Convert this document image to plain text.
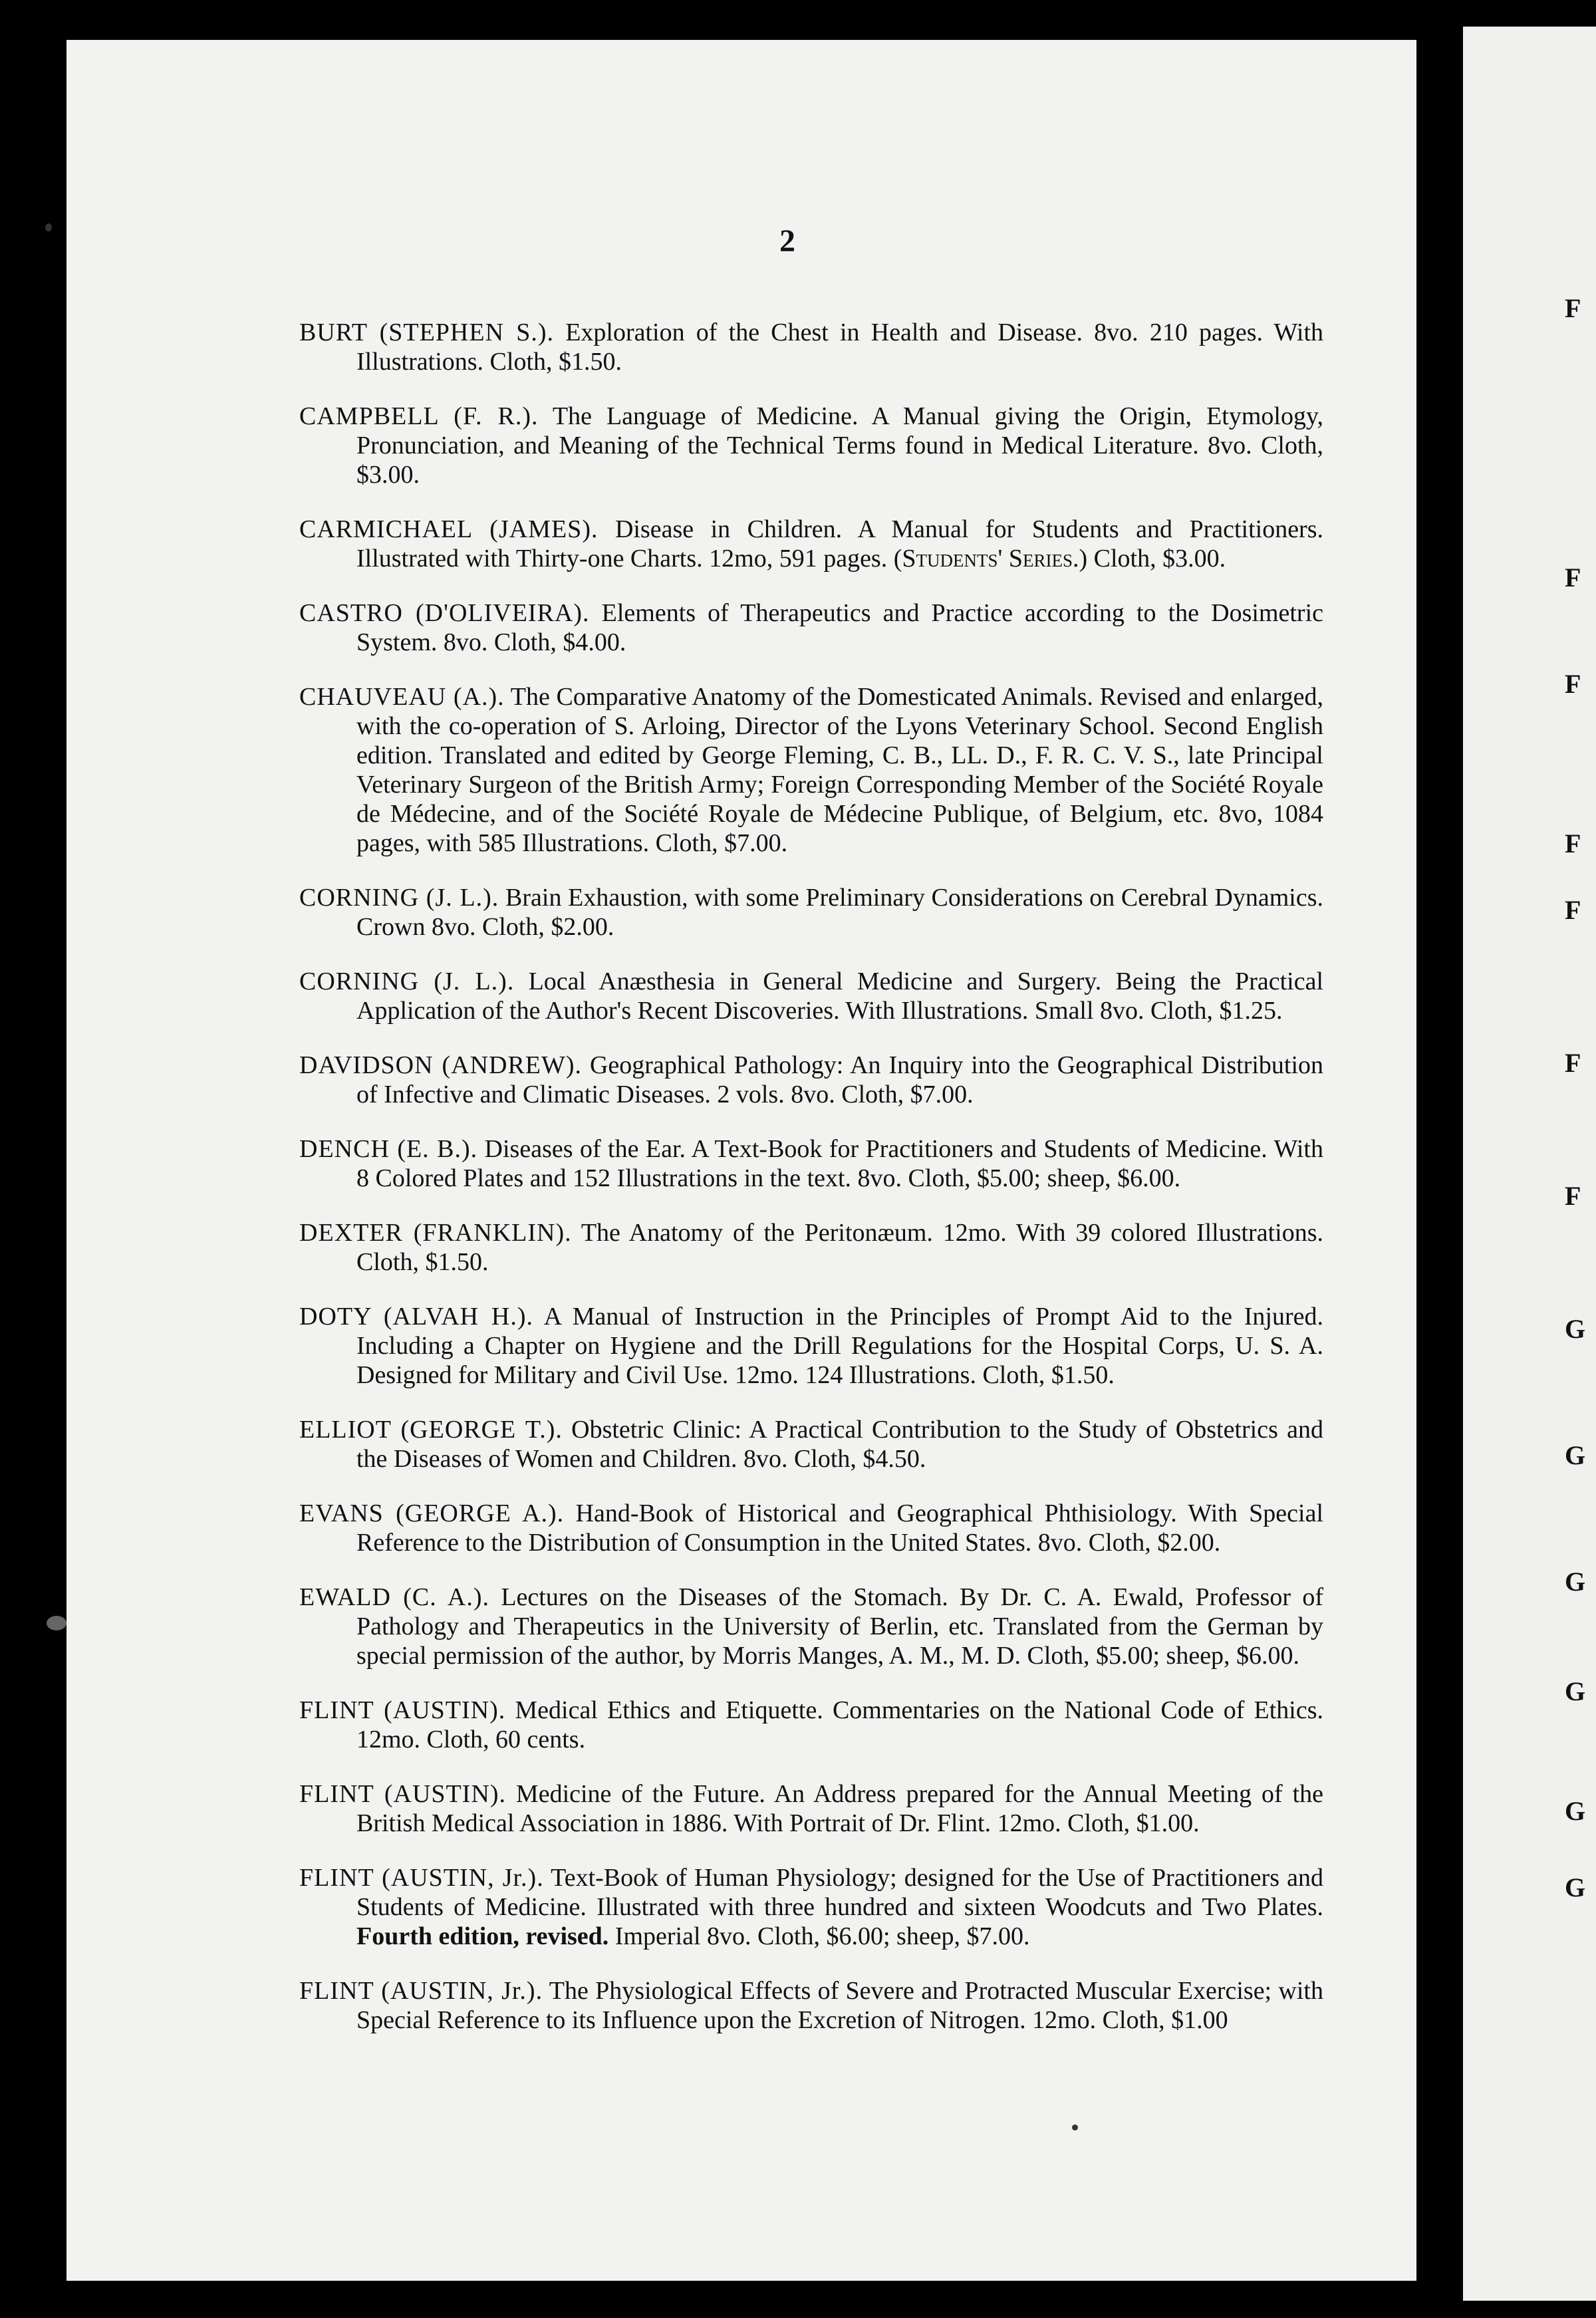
2

BURT (STEPHEN S.). Exploration of the Chest in Health and Disease. 8vo. 210 pages. With Illustrations. Cloth, $1.50.

CAMPBELL (F. R.). The Language of Medicine. A Manual giving the Origin, Etymology, Pronunciation, and Meaning of the Technical Terms found in Medical Literature. 8vo. Cloth, $3.00.

CARMICHAEL (JAMES). Disease in Children. A Manual for Students and Practitioners. Illustrated with Thirty-one Charts. 12mo, 591 pages. (Students' Series.) Cloth, $3.00.

CASTRO (D'OLIVEIRA). Elements of Therapeutics and Practice according to the Dosimetric System. 8vo. Cloth, $4.00.

CHAUVEAU (A.). The Comparative Anatomy of the Domesticated Animals. Revised and enlarged, with the co-operation of S. Arloing, Director of the Lyons Veterinary School. Second English edition. Translated and edited by George Fleming, C. B., LL. D., F. R. C. V. S., late Principal Veterinary Surgeon of the British Army; Foreign Corresponding Member of the Société Royale de Médecine, and of the Société Royale de Médecine Publique, of Belgium, etc. 8vo, 1084 pages, with 585 Illustrations. Cloth, $7.00.

CORNING (J. L.). Brain Exhaustion, with some Preliminary Considerations on Cerebral Dynamics. Crown 8vo. Cloth, $2.00.

CORNING (J. L.). Local Anæsthesia in General Medicine and Surgery. Being the Practical Application of the Author's Recent Discoveries. With Illustrations. Small 8vo. Cloth, $1.25.

DAVIDSON (ANDREW). Geographical Pathology: An Inquiry into the Geographical Distribution of Infective and Climatic Diseases. 2 vols. 8vo. Cloth, $7.00.

DENCH (E. B.). Diseases of the Ear. A Text-Book for Practitioners and Students of Medicine. With 8 Colored Plates and 152 Illustrations in the text. 8vo. Cloth, $5.00; sheep, $6.00.

DEXTER (FRANKLIN). The Anatomy of the Peritonæum. 12mo. With 39 colored Illustrations. Cloth, $1.50.

DOTY (ALVAH H.). A Manual of Instruction in the Principles of Prompt Aid to the Injured. Including a Chapter on Hygiene and the Drill Regulations for the Hospital Corps, U. S. A. Designed for Military and Civil Use. 12mo. 124 Illustrations. Cloth, $1.50.

ELLIOT (GEORGE T.). Obstetric Clinic: A Practical Contribution to the Study of Obstetrics and the Diseases of Women and Children. 8vo. Cloth, $4.50.

EVANS (GEORGE A.). Hand-Book of Historical and Geographical Phthisiology. With Special Reference to the Distribution of Consumption in the United States. 8vo. Cloth, $2.00.

EWALD (C. A.). Lectures on the Diseases of the Stomach. By Dr. C. A. Ewald, Professor of Pathology and Therapeutics in the University of Berlin, etc. Translated from the German by special permission of the author, by Morris Manges, A. M., M. D. Cloth, $5.00; sheep, $6.00.

FLINT (AUSTIN). Medical Ethics and Etiquette. Commentaries on the National Code of Ethics. 12mo. Cloth, 60 cents.

FLINT (AUSTIN). Medicine of the Future. An Address prepared for the Annual Meeting of the British Medical Association in 1886. With Portrait of Dr. Flint. 12mo. Cloth, $1.00.

FLINT (AUSTIN, Jr.). Text-Book of Human Physiology; designed for the Use of Practitioners and Students of Medicine. Illustrated with three hundred and sixteen Woodcuts and Two Plates. Fourth edition, revised. Imperial 8vo. Cloth, $6.00; sheep, $7.00.

FLINT (AUSTIN, Jr.). The Physiological Effects of Severe and Protracted Muscular Exercise; with Special Reference to its Influence upon the Excretion of Nitrogen. 12mo. Cloth, $1.00

F
F
F
F
F
F
F
G
G
G
G
G
G
